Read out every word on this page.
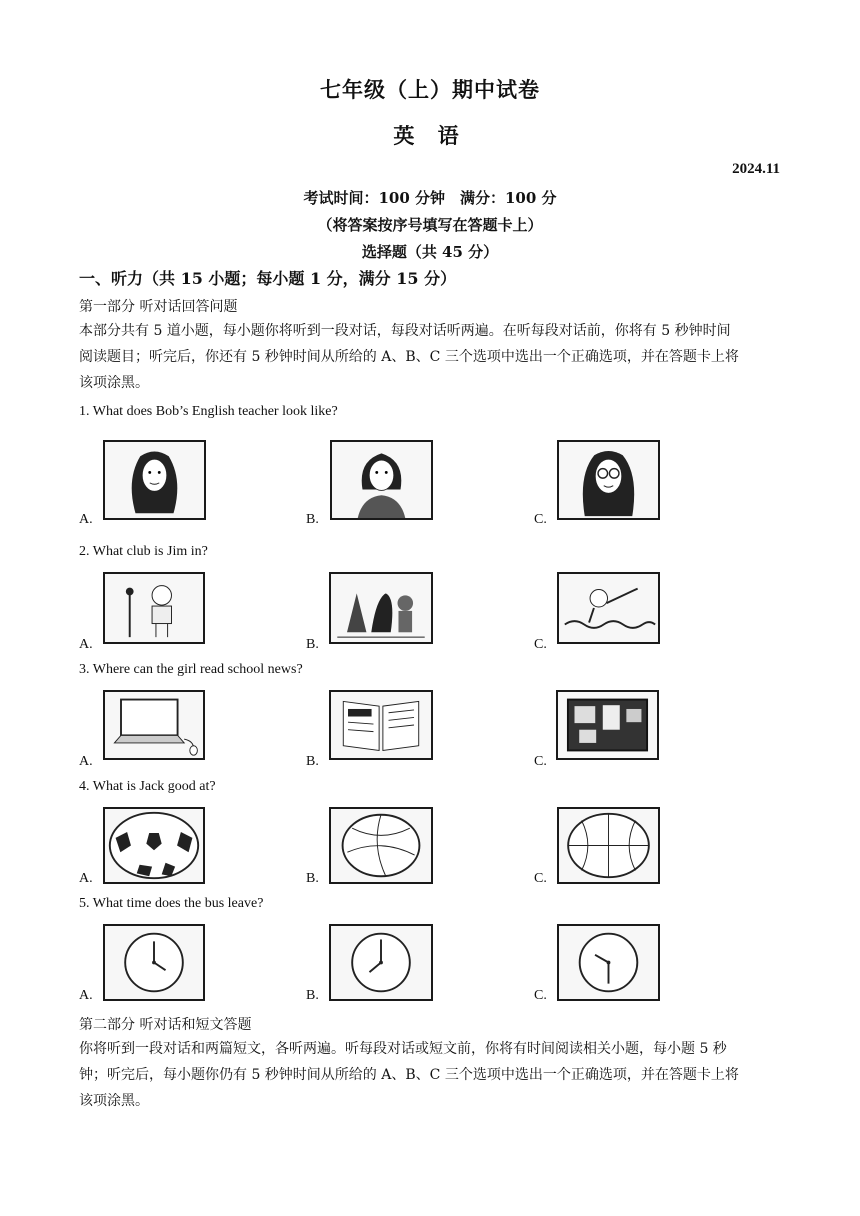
七年级（上）期中试卷
英 语
2024.11
考试时间：100 分钟　满分：100 分
（将答案按序号填写在答题卡上）
选择题（共 45 分）
一、听力（共 15 小题；每小题 1 分，满分 15 分）
第一部分 听对话回答问题
本部分共有 5 道小题，每小题你将听到一段对话，每段对话听两遍。在听每段对话前，你将有 5 秒钟时间
阅读题目；听完后，你还有 5 秒钟时间从所给的 A、B、C 三个选项中选出一个正确选项，并在答题卡上将
该项涂黑。
1. What does Bob’s English teacher look like?
A.	B.	C.
2. What club is Jim in?
A.	B.	C.
3. Where can the girl read school news?
A.	B.	C.
4. What is Jack good at?
A.	B.	C.
5. What time does the bus leave?
A.	B.	C.
第二部分 听对话和短文答题
你将听到一段对话和两篇短文，各听两遍。听每段对话或短文前，你将有时间阅读相关小题，每小题 5 秒
钟；听完后，每小题你仍有 5 秒钟时间从所给的 A、B、C 三个选项中选出一个正确选项，并在答题卡上将
该项涂黑。
